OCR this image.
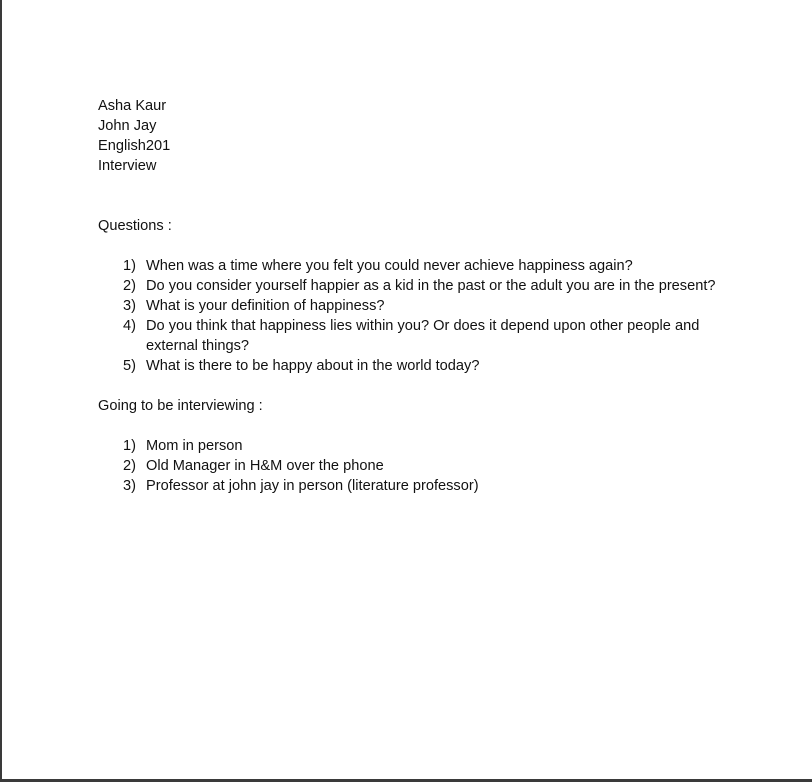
Asha Kaur
John Jay
English201
Interview
Questions :
1) When was a time where you felt you could never achieve happiness again?
2) Do you consider yourself happier as a kid in the past or the adult you are in the present?
3) What is your definition of happiness?
4) Do you think that happiness lies within you? Or does it depend upon other people and external things?
5) What is there to be happy about in the world today?
Going to be interviewing :
1) Mom in person
2) Old Manager in H&M over the phone
3) Professor at john jay in person (literature professor)
